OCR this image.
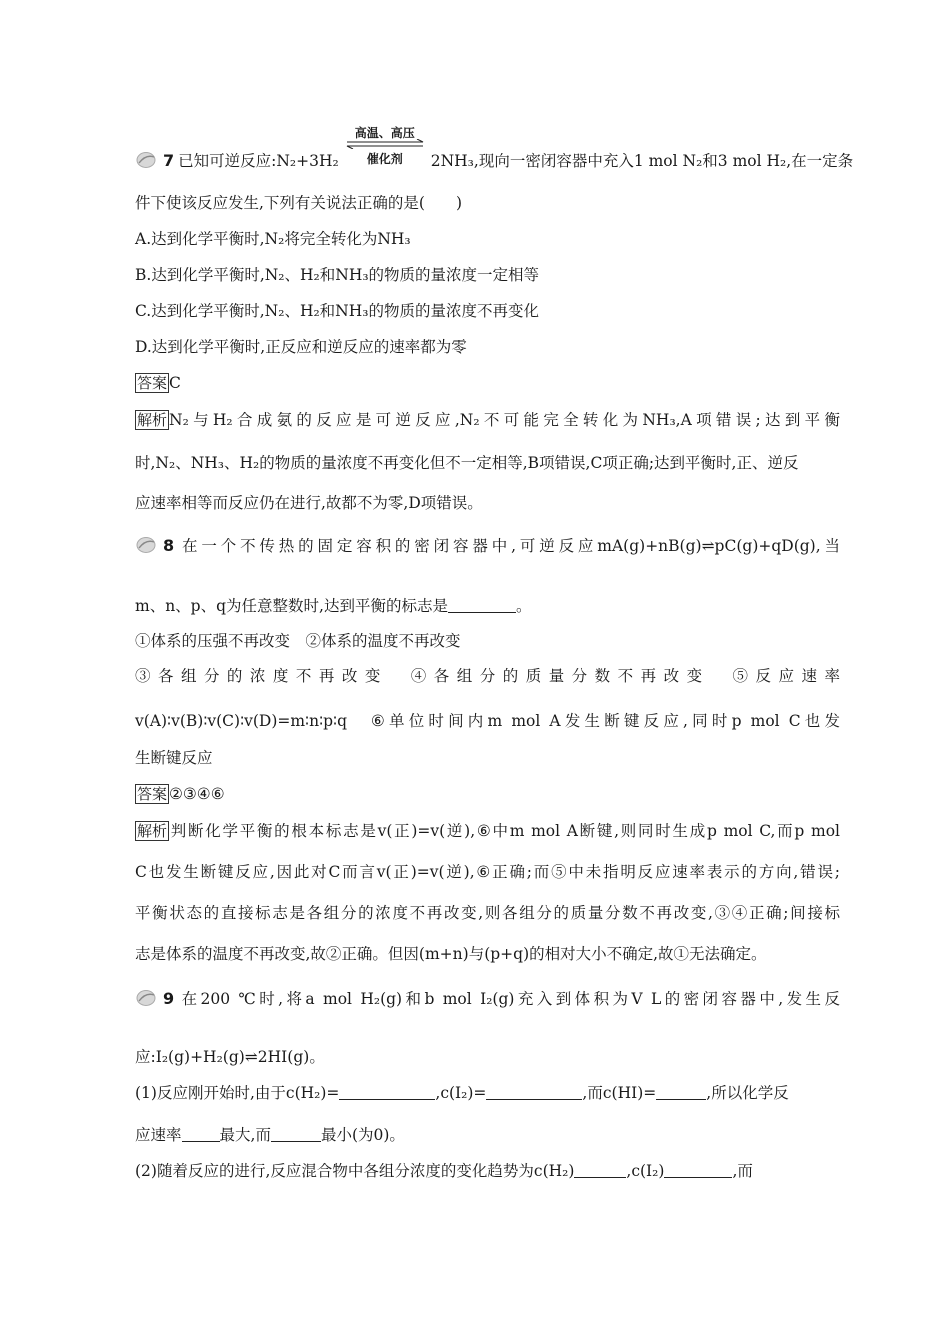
7 已知可逆反应:N₂+3H₂
高温、高压
催化剂	2NH₃,现向一密闭容器中充入1 mol N₂和3 mol H₂,在一定条
件下使该反应发生,下列有关说法正确的是(　　)
A.达到化学平衡时,N₂将完全转化为NH₃
B.达到化学平衡时,N₂、H₂和NH₃的物质的量浓度一定相等
C.达到化学平衡时,N₂、H₂和NH₃的物质的量浓度不再变化
D.达到化学平衡时,正反应和逆反应的速率都为零
答案 C
解析 N₂与H₂合成氨的反应是可逆反应,N₂不可能完全转化为NH₃,A项错误;达到平衡
时,N₂、NH₃、H₂的物质的量浓度不再变化但不一定相等,B项错误,C项正确;达到平衡时,正、逆反
应速率相等而反应仍在进行,故都不为零,D项错误。
8 在一个不传热的固定容积的密闭容器中,可逆反应mA(g)+nB(g)⇌pC(g)+qD(g),当
m、n、p、q为任意整数时,达到平衡的标志是	。
①体系的压强不再改变　②体系的温度不再改变
③各组分的浓度不再改变　④各组分的质量分数不再改变　⑤反应速率
v(A)∶v(B)∶v(C)∶v(D)=m∶n∶p∶q　⑥单位时间内m mol A发生断键反应,同时p mol C也发
生断键反应
答案 ②③④⑥
解析 判断化学平衡的根本标志是v(正)=v(逆),⑥中m mol A断键,则同时生成p mol C,而p mol
C也发生断键反应,因此对C而言v(正)=v(逆),⑥正确;而⑤中未指明反应速率表示的方向,错误;
平衡状态的直接标志是各组分的浓度不再改变,则各组分的质量分数不再改变,③④正确;间接标
志是体系的温度不再改变,故②正确。但因(m+n)与(p+q)的相对大小不确定,故①无法确定。
9 在200 ℃时,将a mol H₂(g)和b mol I₂(g)充入到体积为V L的密闭容器中,发生反
应:I₂(g)+H₂(g)⇌2HI(g)。
(1)反应刚开始时,由于c(H₂)=	,c(I₂)=	,而c(HI)=	,所以化学反
应速率 最大,而	最小(为0)。
(2)随着反应的进行,反应混合物中各组分浓度的变化趋势为c(H₂)	,c(I₂)	,而
